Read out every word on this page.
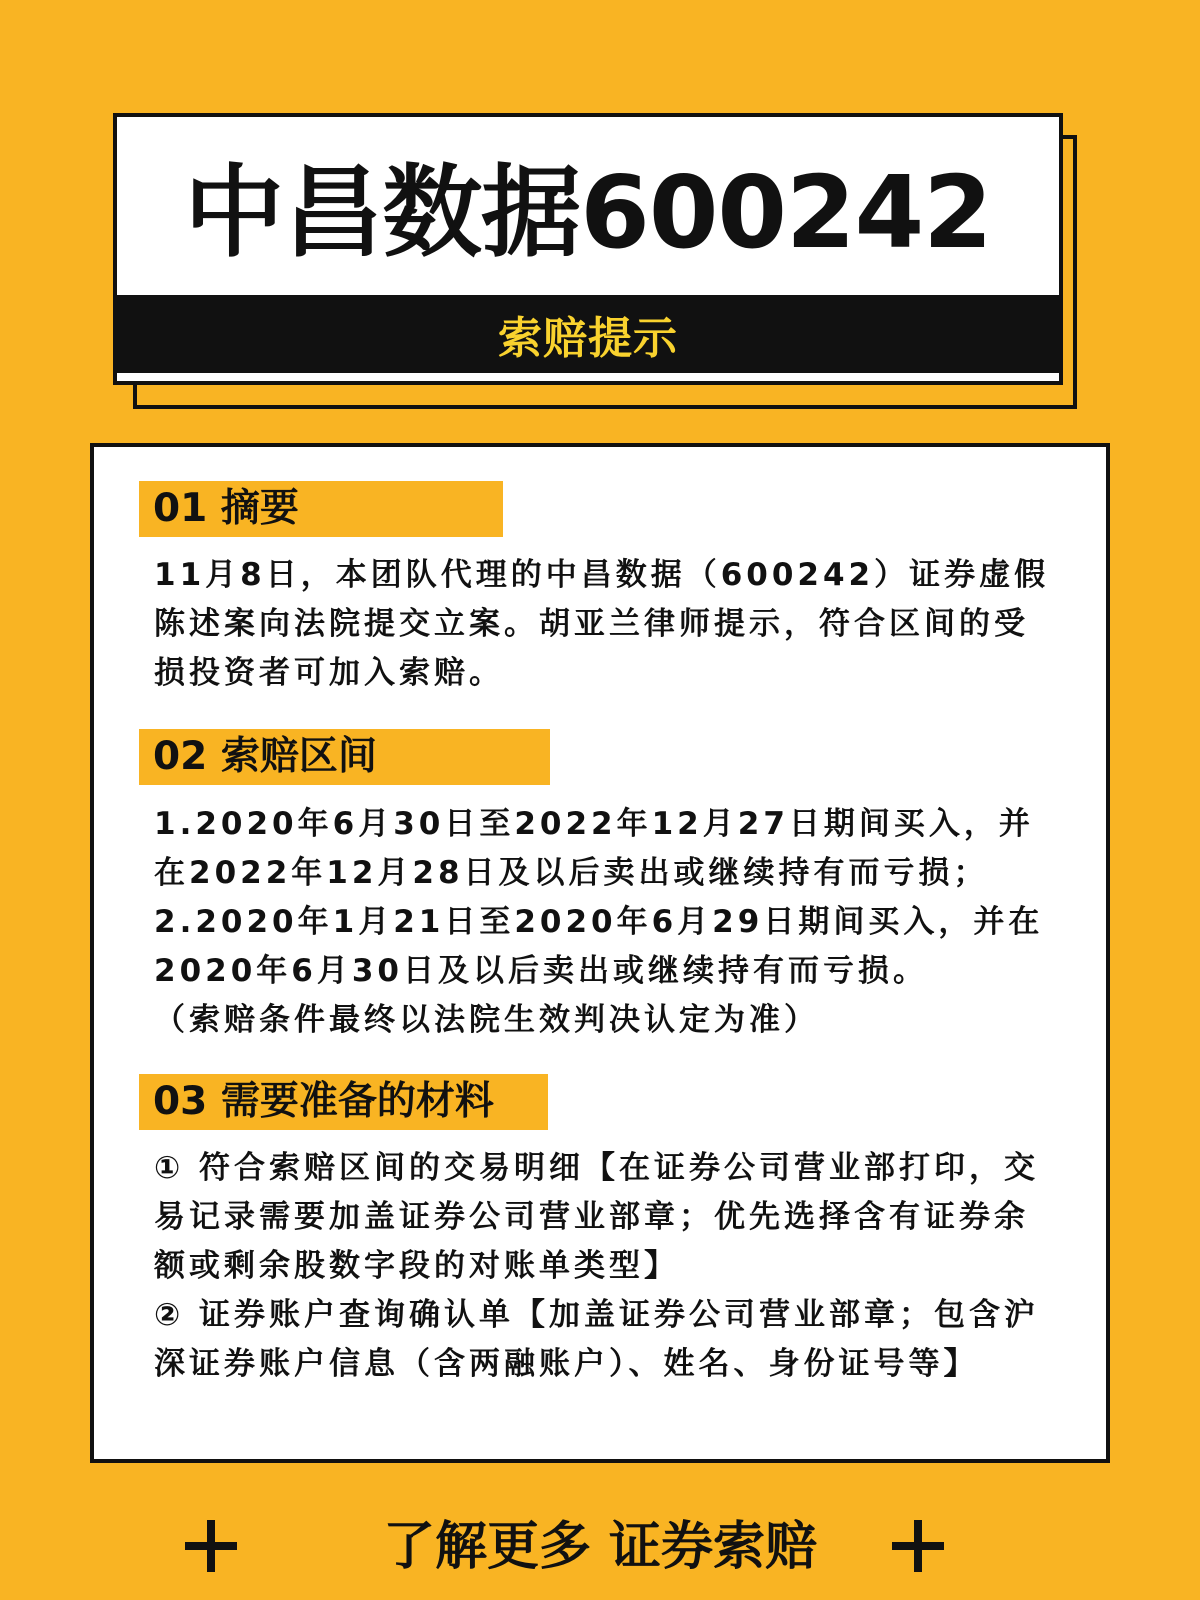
中昌数据600242
索赔提示
01 摘要

11月8日，本团队代理的中昌数据（600242）证券虚假陈述案向法院提交立案。胡亚兰律师提示，符合区间的受损投资者可加入索赔。

02 索赔区间

1.2020年6月30日至2022年12月27日期间买入，并在2022年12月28日及以后卖出或继续持有而亏损；

2.2020年1月21日至2020年6月29日期间买入，并在2020年6月30日及以后卖出或继续持有而亏损。

（索赔条件最终以法院生效判决认定为准）

03 需要准备的材料

① 符合索赔区间的交易明细【在证券公司营业部打印，交易记录需要加盖证券公司营业部章；优先选择含有证券余额或剩余股数字段的对账单类型】

② 证券账户查询确认单【加盖证券公司营业部章；包含沪深证券账户信息（含两融账户）、姓名、身份证号等】

了解更多 证券索赔
